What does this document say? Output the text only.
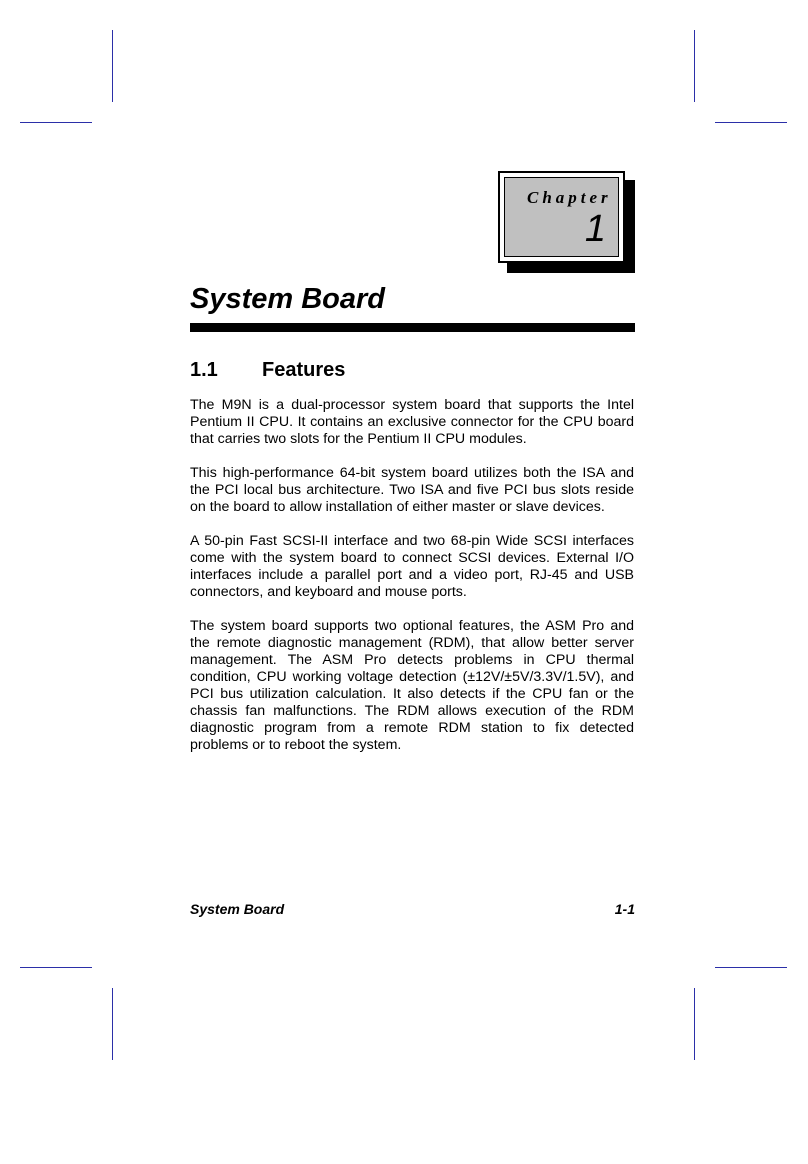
Chapter
1
System Board
1.1 Features

The M9N is a dual-processor system board that supports the Intel Pentium II CPU. It contains an exclusive connector for the CPU board that carries two slots for the Pentium II CPU modules.

This high-performance 64-bit system board utilizes both the ISA and the PCI local bus architecture. Two ISA and five PCI bus slots reside on the board to allow installation of either master or slave devices.

A 50-pin Fast SCSI-II interface and two 68-pin Wide SCSI interfaces come with the system board to connect SCSI devices. External I/O interfaces include a parallel port and a video port, RJ-45 and USB connectors, and keyboard and mouse ports.

The system board supports two optional features, the ASM Pro and the remote diagnostic management (RDM), that allow better server management. The ASM Pro detects problems in CPU thermal condition, CPU working voltage detection (±12V/±5V/3.3V/1.5V), and PCI bus utilization calculation. It also detects if the CPU fan or the chassis fan malfunctions. The RDM allows execution of the RDM diagnostic program from a remote RDM station to fix detected problems or to reboot the system.

System Board	1-1
